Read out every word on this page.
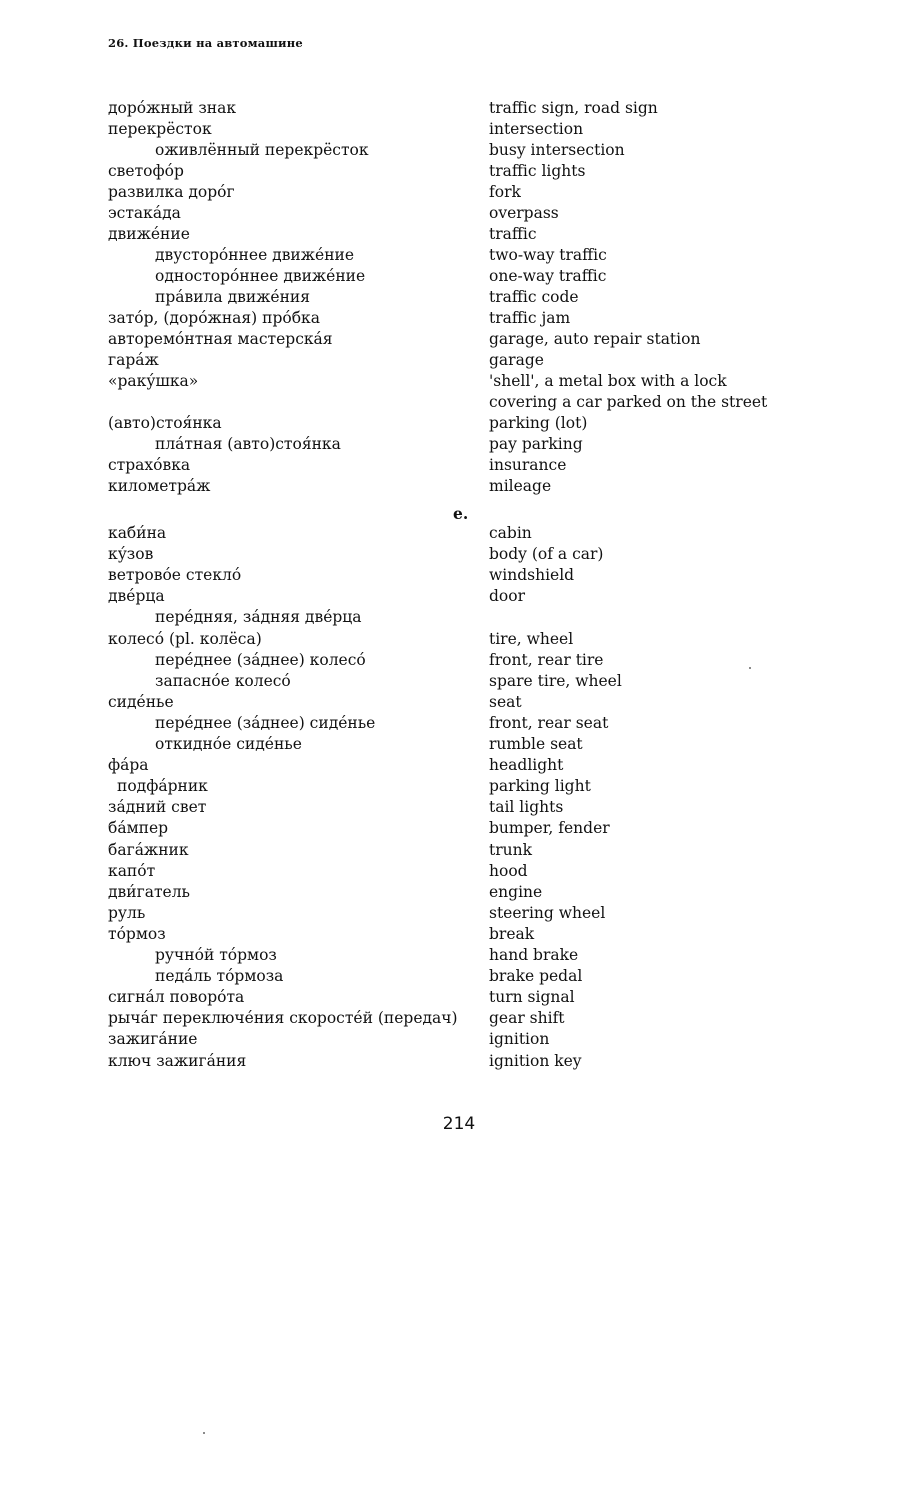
26. Поездки на автомашине
доро́жный знак	traffic sign, road sign
перекрёсток	intersection
оживлённый перекрёсток	busy intersection
светофо́р	traffic lights
развилка доро́г	fork
эстака́да	overpass
движе́ние	traffic
двусторо́ннее движе́ние	two-way traffic
односторо́ннее движе́ние	one-way traffic
пра́вила движе́ния	traffic code
зато́р, (доро́жная) про́бка	traffic jam
авторемо́нтная мастерска́я	garage, auto repair station
гара́ж	garage
«раку́шка»	'shell', a metal box with a lock
covering a car parked on the street
(авто)стоя́нка	parking (lot)
пла́тная (авто)стоя́нка	pay parking
страхо́вка	insurance
километра́ж	mileage
e.
каби́на	cabin
ку́зов	body (of a car)
ветрово́е стекло́	windshield
две́рца	door
пере́дняя, за́дняя две́рца
колесо́ (pl. колёса)	tire, wheel
пере́днее (за́днее) колесо́	front, rear tire
запасно́е колесо́	spare tire, wheel
сиде́нье	seat
пере́днее (за́днее) сиде́нье	front, rear seat
откидно́е сиде́нье	rumble seat
фа́ра	headlight
подфа́рник	parking light
за́дний свет	tail lights
ба́мпер	bumper, fender
бага́жник	trunk
капо́т	hood
дви́гатель	engine
руль	steering wheel
то́рмоз	break
ручно́й то́рмоз	hand brake
педа́ль то́рмоза	brake pedal
сигна́л поворо́та	turn signal
рыча́г переключе́ния скоросте́й (передач) gear shift
зажига́ние	ignition
ключ зажига́ния	ignition key
214
